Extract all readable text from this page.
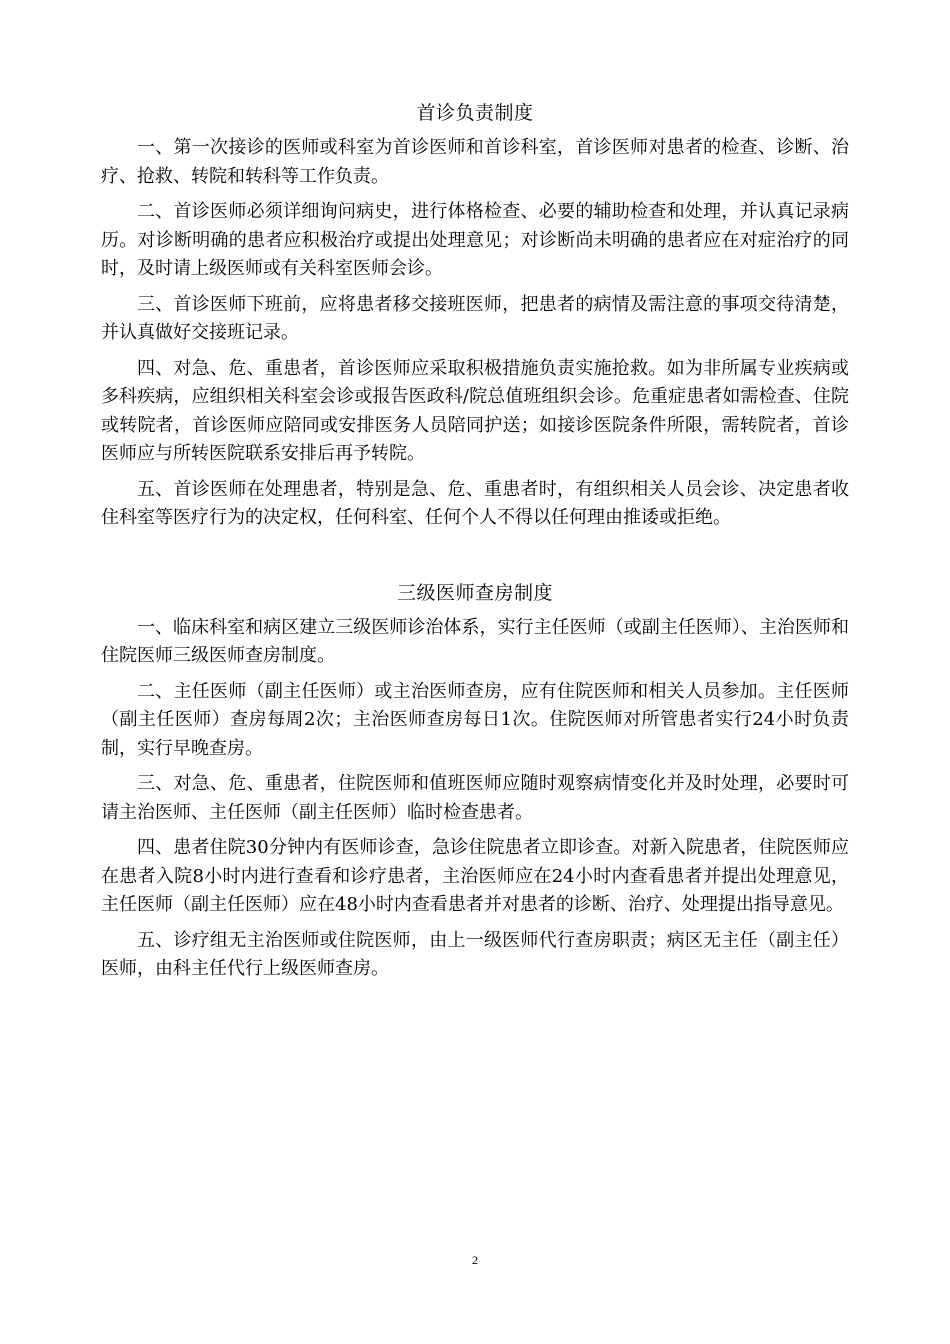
首诊负责制度

一、第一次接诊的医师或科室为首诊医师和首诊科室，首诊医师对患者的检查、诊断、治疗、抢救、转院和转科等工作负责。

二、首诊医师必须详细询问病史，进行体格检查、必要的辅助检查和处理，并认真记录病历。对诊断明确的患者应积极治疗或提出处理意见；对诊断尚未明确的患者应在对症治疗的同时，及时请上级医师或有关科室医师会诊。

三、首诊医师下班前，应将患者移交接班医师，把患者的病情及需注意的事项交待清楚，并认真做好交接班记录。

四、对急、危、重患者，首诊医师应采取积极措施负责实施抢救。如为非所属专业疾病或多科疾病，应组织相关科室会诊或报告医政科/院总值班组织会诊。危重症患者如需检查、住院或转院者，首诊医师应陪同或安排医务人员陪同护送；如接诊医院条件所限，需转院者，首诊医师应与所转医院联系安排后再予转院。

五、首诊医师在处理患者，特别是急、危、重患者时，有组织相关人员会诊、决定患者收住科室等医疗行为的决定权，任何科室、任何个人不得以任何理由推诿或拒绝。

三级医师查房制度

一、临床科室和病区建立三级医师诊治体系，实行主任医师（或副主任医师）、主治医师和住院医师三级医师查房制度。

二、主任医师（副主任医师）或主治医师查房，应有住院医师和相关人员参加。主任医师（副主任医师）查房每周2次；主治医师查房每日1次。住院医师对所管患者实行24小时负责制，实行早晚查房。

三、对急、危、重患者，住院医师和值班医师应随时观察病情变化并及时处理，必要时可请主治医师、主任医师（副主任医师）临时检查患者。

四、患者住院30分钟内有医师诊查，急诊住院患者立即诊查。对新入院患者，住院医师应在患者入院8小时内进行查看和诊疗患者，主治医师应在24小时内查看患者并提出处理意见，主任医师（副主任医师）应在48小时内查看患者并对患者的诊断、治疗、处理提出指导意见。

五、诊疗组无主治医师或住院医师，由上一级医师代行查房职责；病区无主任（副主任）医师，由科主任代行上级医师查房。

2
